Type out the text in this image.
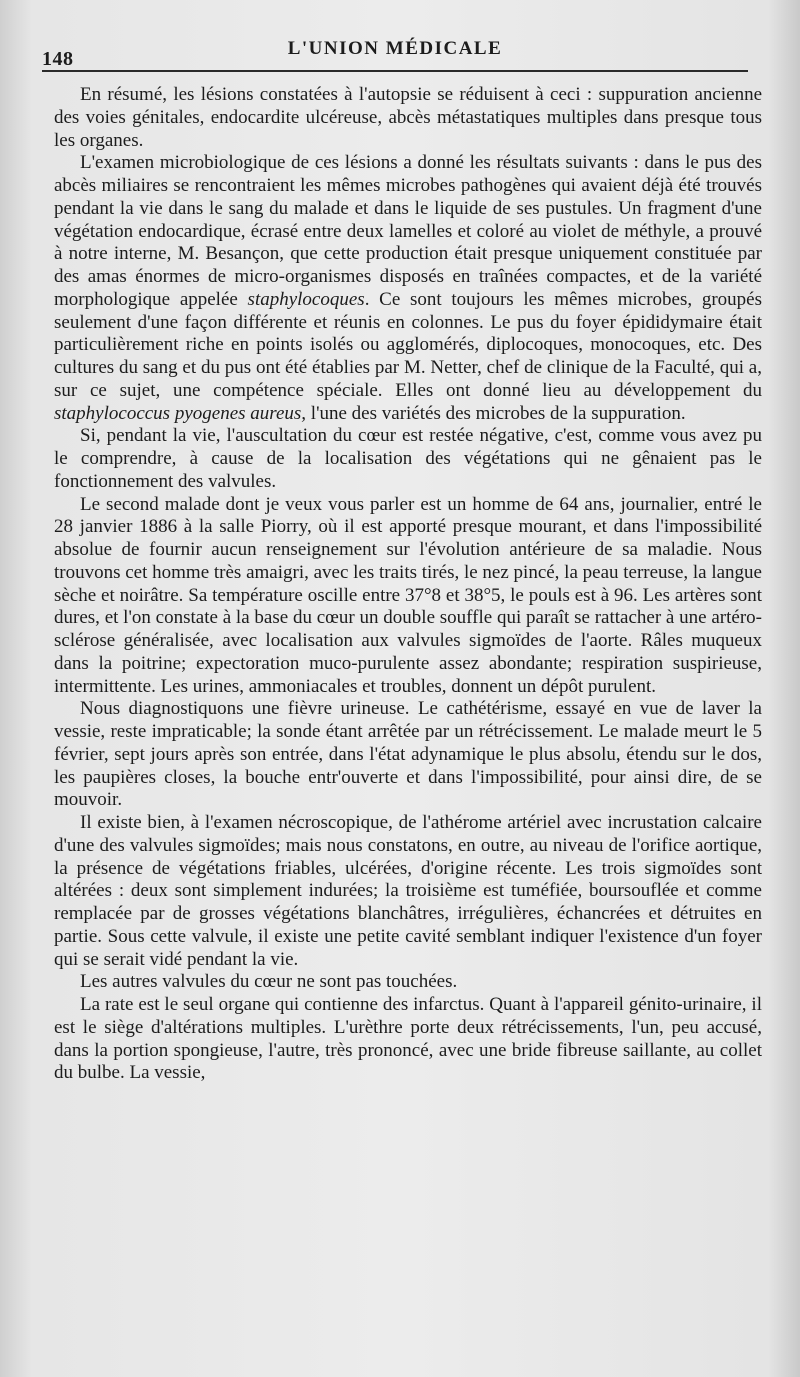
148	L'UNION MÉDICALE

En résumé, les lésions constatées à l'autopsie se réduisent à ceci : suppuration ancienne des voies génitales, endocardite ulcéreuse, abcès métastatiques multiples dans presque tous les organes.

L'examen microbiologique de ces lésions a donné les résultats suivants : dans le pus des abcès miliaires se rencontraient les mêmes microbes pathogènes qui avaient déjà été trouvés pendant la vie dans le sang du malade et dans le liquide de ses pustules. Un fragment d'une végétation endocardique, écrasé entre deux lamelles et coloré au violet de méthyle, a prouvé à notre interne, M. Besançon, que cette production était presque uniquement constituée par des amas énormes de micro-organismes disposés en traînées compactes, et de la variété morphologique appelée staphylocoques. Ce sont toujours les mêmes microbes, groupés seulement d'une façon différente et réunis en colonnes. Le pus du foyer épididymaire était particulièrement riche en points isolés ou agglomérés, diplocoques, monocoques, etc. Des cultures du sang et du pus ont été établies par M. Netter, chef de clinique de la Faculté, qui a, sur ce sujet, une compétence spéciale. Elles ont donné lieu au développement du staphylococcus pyogenes aureus, l'une des variétés des microbes de la suppuration.

Si, pendant la vie, l'auscultation du cœur est restée négative, c'est, comme vous avez pu le comprendre, à cause de la localisation des végétations qui ne gênaient pas le fonctionnement des valvules.

Le second malade dont je veux vous parler est un homme de 64 ans, journalier, entré le 28 janvier 1886 à la salle Piorry, où il est apporté presque mourant, et dans l'impossibilité absolue de fournir aucun renseignement sur l'évolution antérieure de sa maladie. Nous trouvons cet homme très amaigri, avec les traits tirés, le nez pincé, la peau terreuse, la langue sèche et noirâtre. Sa température oscille entre 37°8 et 38°5, le pouls est à 96. Les artères sont dures, et l'on constate à la base du cœur un double souffle qui paraît se rattacher à une artéro-sclérose généralisée, avec localisation aux valvules sigmoïdes de l'aorte. Râles muqueux dans la poitrine; expectoration muco-purulente assez abondante; respiration suspirieuse, intermittente. Les urines, ammoniacales et troubles, donnent un dépôt purulent.

Nous diagnostiquons une fièvre urineuse. Le cathétérisme, essayé en vue de laver la vessie, reste impraticable; la sonde étant arrêtée par un rétrécissement. Le malade meurt le 5 février, sept jours après son entrée, dans l'état adynamique le plus absolu, étendu sur le dos, les paupières closes, la bouche entr'ouverte et dans l'impossibilité, pour ainsi dire, de se mouvoir.

Il existe bien, à l'examen nécroscopique, de l'athérome artériel avec incrustation calcaire d'une des valvules sigmoïdes; mais nous constatons, en outre, au niveau de l'orifice aortique, la présence de végétations friables, ulcérées, d'origine récente. Les trois sigmoïdes sont altérées : deux sont simplement indurées; la troisième est tuméfiée, boursouflée et comme remplacée par de grosses végétations blanchâtres, irrégulières, échancrées et détruites en partie. Sous cette valvule, il existe une petite cavité semblant indiquer l'existence d'un foyer qui se serait vidé pendant la vie.

Les autres valvules du cœur ne sont pas touchées.

La rate est le seul organe qui contienne des infarctus. Quant à l'appareil génito-urinaire, il est le siège d'altérations multiples. L'urèthre porte deux rétrécissements, l'un, peu accusé, dans la portion spongieuse, l'autre, très prononcé, avec une bride fibreuse saillante, au collet du bulbe. La vessie,
